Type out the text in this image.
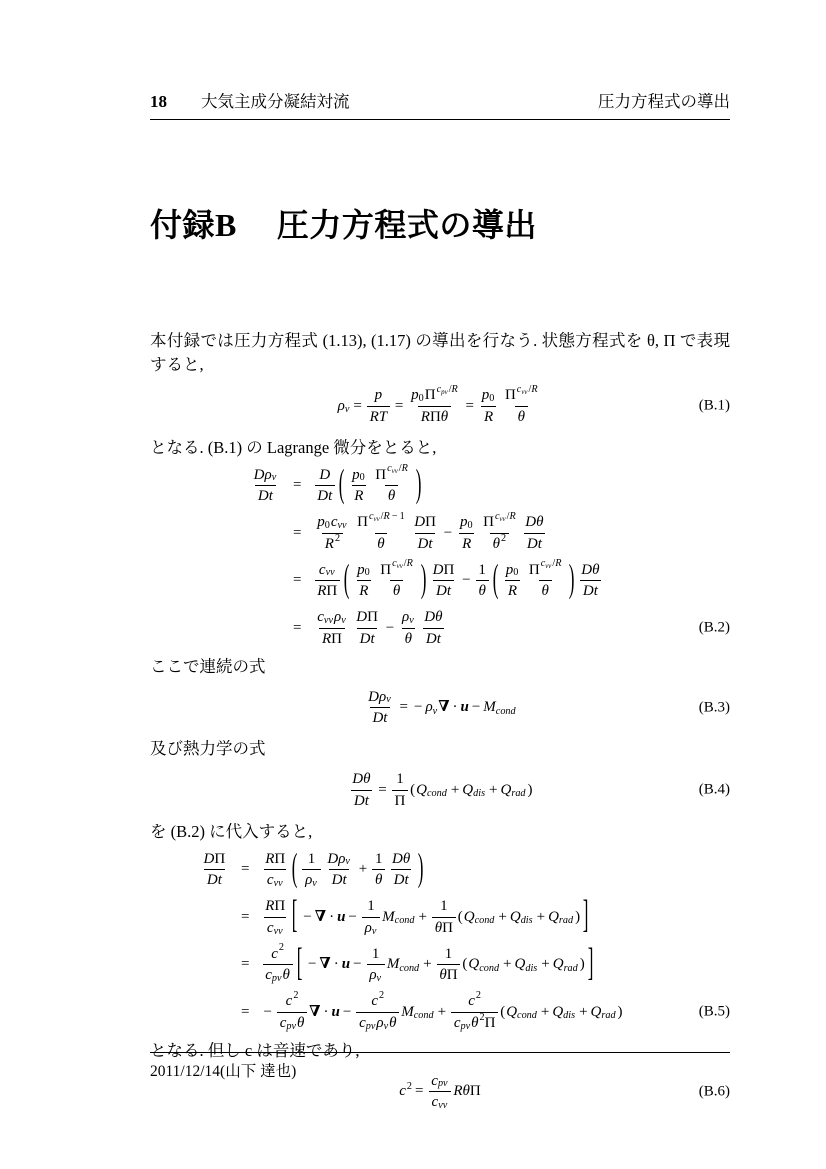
18 大気主成分凝結対流	圧力方程式の導出
付録B 圧力方程式の導出
本付録では圧力方程式 (1.13), (1.17) の導出を行なう. 状態方程式を θ, Π で表現すると,
ρ $v = \frac{p}{\text{R T}} = \frac{\text{p 0 Π c p v / R}}{\text{R Π θ}} = \frac{p 0}{R} \frac{\text{Π c v v / R}}{\theta}$	(B.1)
となる. (B.1) の Lagrange 微分をとると,
$\frac{\text{D ρ v}}{\text{D t}} = \frac{D}{\text{D t}}$ ( $\frac{p 0}{R} \frac{\text{Π c v v / R}}{\theta}$ )
= $\frac{\text{p 0 c v v}}{R 2} \frac{\text{Π c v v / R − 1}}{\theta} \frac{\text{D Π}}{\text{D t}} - \frac{p 0}{R} \frac{\text{Π c v v / R}}{\theta 2} \frac{\text{D θ}}{\text{D t}}$
= $\frac{\text{c v v}}{\text{R Π}}$ ( $\frac{p 0}{R} \frac{\text{Π c v v / R}}{\theta}$ ) $\frac{\text{D Π}}{\text{D t}} - \frac{1}{\theta}$ ( $\frac{p 0}{R} \frac{\text{Π c v v / R}}{\theta}$ ) $\frac{\text{D θ}}{\text{D t}}$
= $\frac{\text{c v v ρ v}}{\text{R Π}} \frac{\text{D Π}}{\text{D t}} - \frac{\text{ρ v}}{\theta} \frac{\text{D θ}}{\text{D t}}$	(B.2)
ここで連続の式
$\frac{\text{D ρ v}}{\text{D t}}$ = − ρ v ∇ · u − M c o n d	(B.3)
及び熱力学の式
$\frac{\text{D θ}}{\text{D t}} = \frac{1}{\Pi}$ ( Q c o n d + Q d i s + Q r a d )	(B.4)
を (B.2) に代入すると,
$\frac{\text{D Π}}{\text{D t}} = \frac{\text{R Π}}{\text{c v v}}$ ( $\frac{1}{\text{ρ v}} \frac{\text{D ρ v}}{\text{D t}} + \frac{1}{\theta} \frac{\text{D θ}}{\text{D t}}$ )
= $\frac{\text{R Π}}{\text{c v v}}$ [ − ∇ · $u - \frac{1}{\text{ρ v}}$ M c o n $d + \frac{1}{\text{θ Π}}$ ( Q c o n d + Q d i s + Q r a d ) ]
= $\frac{c 2}{\text{c p v θ}}$ [ − ∇ · $u - \frac{1}{\text{ρ v}}$ M c o n $d + \frac{1}{\text{θ Π}}$ ( Q c o n d + Q d i s + Q r a d ) ]
= − $\frac{c 2}{\text{c p v θ}}$ ∇ · $u - \frac{c 2}{\text{c p v ρ v θ}}$ M c o n $d + \frac{c 2}{\text{c p v θ 2 Π}}$ ( Q c o n d + Q d i s + Q r a d )	(B.5)
となる. 但し c は音速であり,
c $2 = \frac{\text{c p v}}{\text{c v v}}$ R θ Π	(B.6)
2011/12/14(山下 達也)
